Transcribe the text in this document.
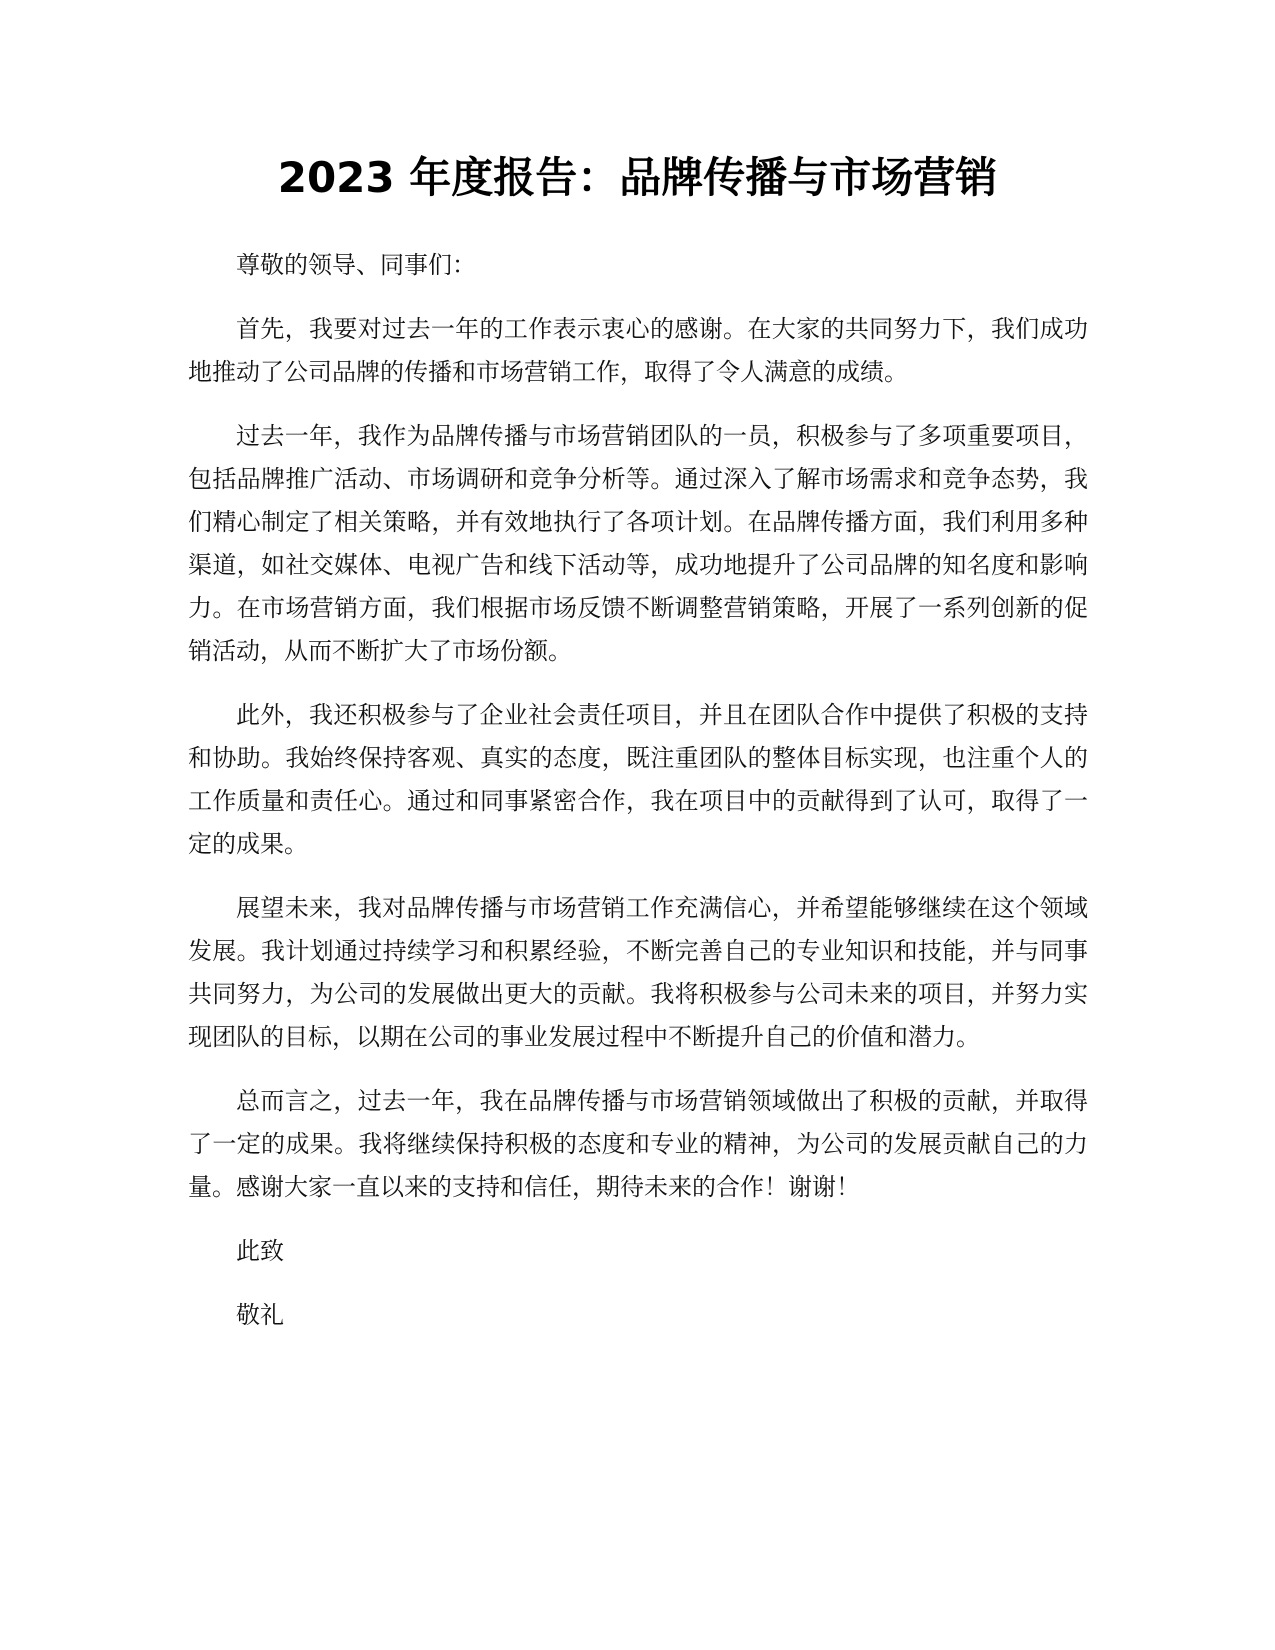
2023 年度报告：品牌传播与市场营销

尊敬的领导、同事们：

首先，我要对过去一年的工作表示衷心的感谢。在大家的共同努力下，我们成功地推动了公司品牌的传播和市场营销工作，取得了令人满意的成绩。

过去一年，我作为品牌传播与市场营销团队的一员，积极参与了多项重要项目，包括品牌推广活动、市场调研和竞争分析等。通过深入了解市场需求和竞争态势，我们精心制定了相关策略，并有效地执行了各项计划。在品牌传播方面，我们利用多种渠道，如社交媒体、电视广告和线下活动等，成功地提升了公司品牌的知名度和影响力。在市场营销方面，我们根据市场反馈不断调整营销策略，开展了一系列创新的促销活动，从而不断扩大了市场份额。

此外，我还积极参与了企业社会责任项目，并且在团队合作中提供了积极的支持和协助。我始终保持客观、真实的态度，既注重团队的整体目标实现，也注重个人的工作质量和责任心。通过和同事紧密合作，我在项目中的贡献得到了认可，取得了一定的成果。

展望未来，我对品牌传播与市场营销工作充满信心，并希望能够继续在这个领域发展。我计划通过持续学习和积累经验，不断完善自己的专业知识和技能，并与同事共同努力，为公司的发展做出更大的贡献。我将积极参与公司未来的项目，并努力实现团队的目标，以期在公司的事业发展过程中不断提升自己的价值和潜力。

总而言之，过去一年，我在品牌传播与市场营销领域做出了积极的贡献，并取得了一定的成果。我将继续保持积极的态度和专业的精神，为公司的发展贡献自己的力量。感谢大家一直以来的支持和信任，期待未来的合作！谢谢！

此致

敬礼
